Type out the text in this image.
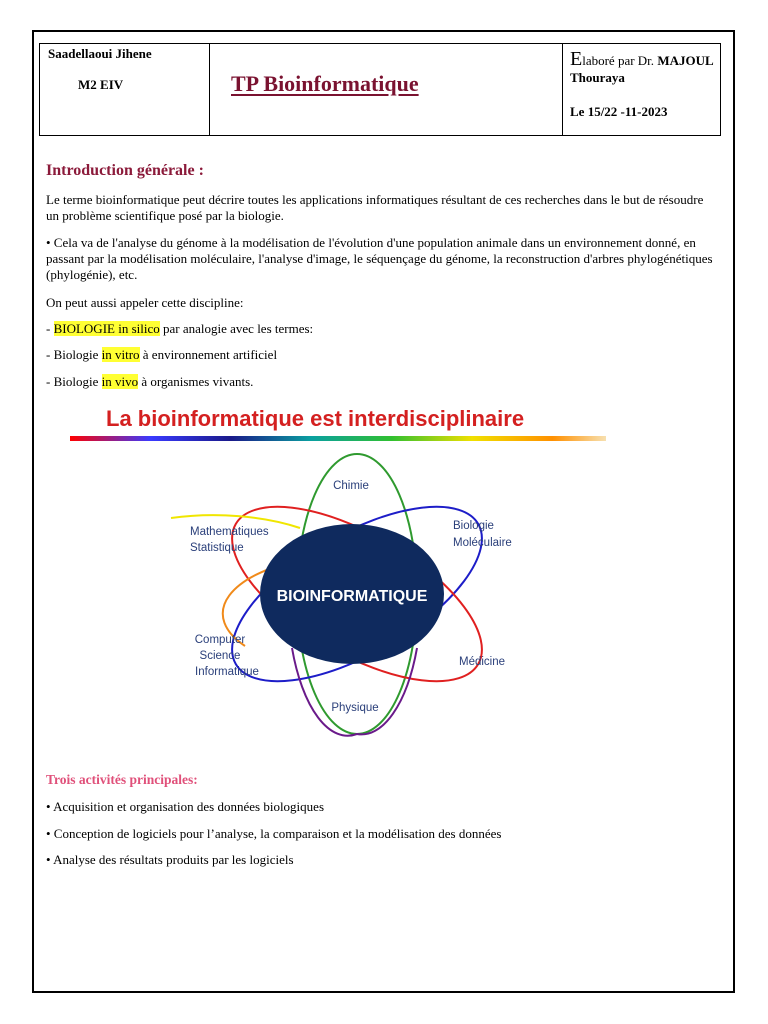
Saadellaoui Jihene
M2 EIV	TP Bioinformatique
Elaboré par Dr. MAJOUL
Thouraya
Le 15/22 -11-2023
Introduction générale :
Le terme bioinformatique peut décrire toutes les applications informatiques résultant de ces recherches dans le but de résoudre un problème scientifique posé par la biologie.
• Cela va de l'analyse du génome à la modélisation de l'évolution d'une population animale dans un environnement donné, en passant par la modélisation moléculaire, l'analyse d'image, le séquençage du génome, la reconstruction d'arbres phylogénétiques (phylogénie), etc.
On peut aussi appeler cette discipline:
- BIOLOGIE in silico par analogie avec les termes:
- Biologie in vitro à environnement artificiel
- Biologie in vivo à organismes vivants.
La bioinformatique est interdisciplinaire
BIOINFORMATIQUE
Chimie
Biologie
Moléculaire
Mathematiques
Statistique
Computer
Science
Informatique
Médicine
Physique
Trois activités principales:
• Acquisition et organisation des données biologiques
• Conception de logiciels pour l’analyse, la comparaison et la modélisation des données
• Analyse des résultats produits par les logiciels
